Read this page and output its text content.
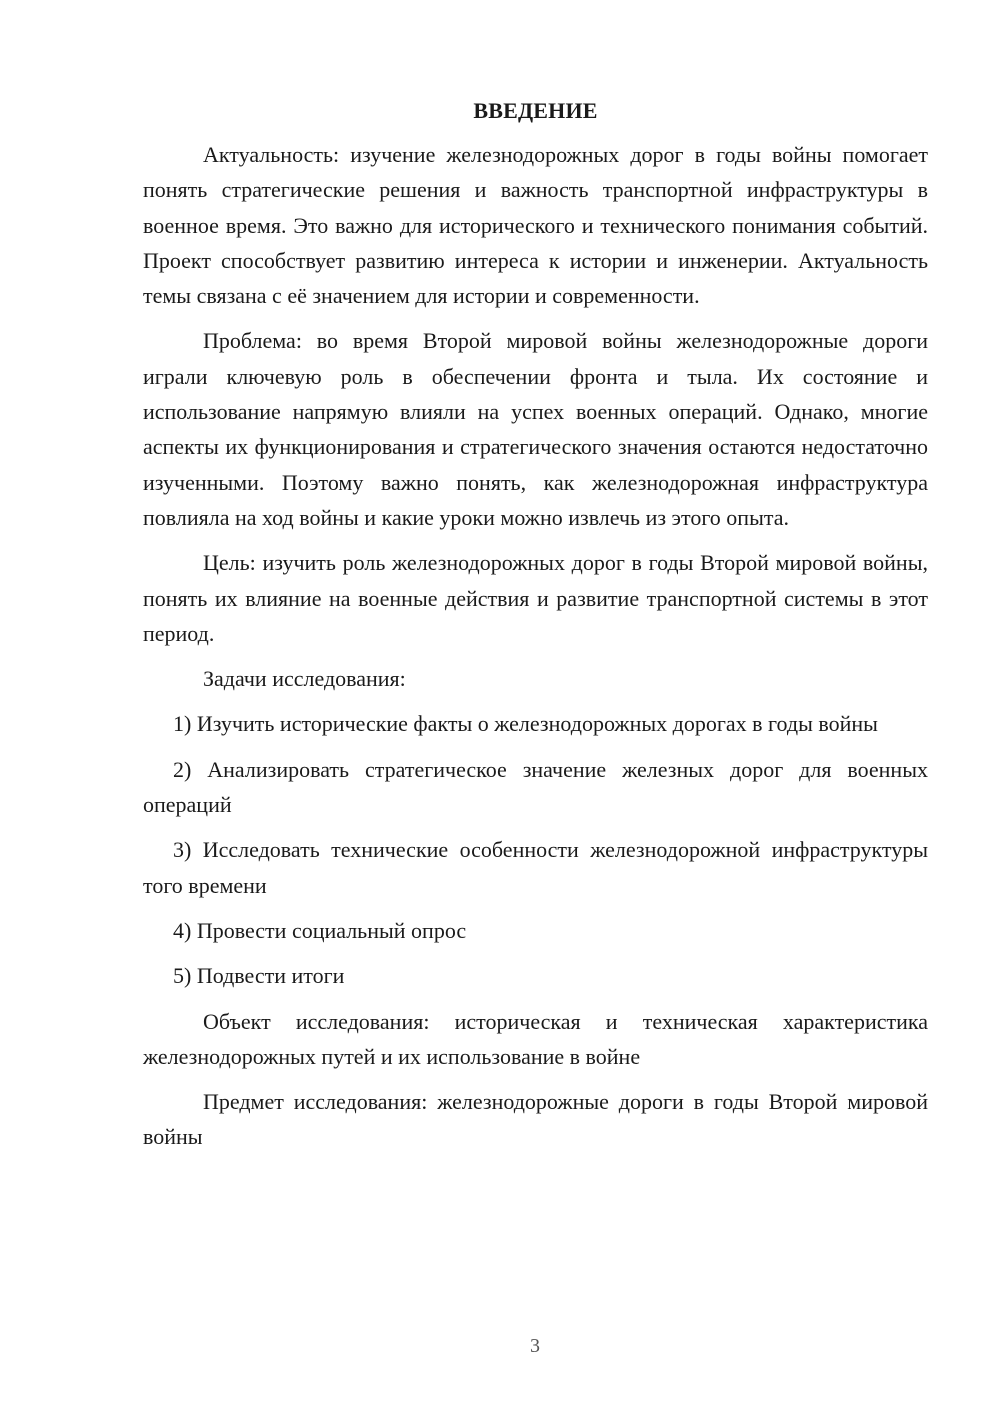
ВВЕДЕНИЕ

Актуальность: изучение железнодорожных дорог в годы войны помогает понять стратегические решения и важность транспортной инфраструктуры в военное время. Это важно для исторического и технического понимания событий. Проект способствует развитию интереса к истории и инженерии. Актуальность темы связана с её значением для истории и современности.

Проблема: во время Второй мировой войны железнодорожные дороги играли ключевую роль в обеспечении фронта и тыла. Их состояние и использование напрямую влияли на успех военных операций. Однако, многие аспекты их функционирования и стратегического значения остаются недостаточно изученными. Поэтому важно понять, как железнодорожная инфраструктура повлияла на ход войны и какие уроки можно извлечь из этого опыта.

Цель: изучить роль железнодорожных дорог в годы Второй мировой войны, понять их влияние на военные действия и развитие транспортной системы в этот период.

Задачи исследования:

1) Изучить исторические факты о железнодорожных дорогах в годы войны

2) Анализировать стратегическое значение железных дорог для военных операций

3) Исследовать технические особенности железнодорожной инфраструктуры того времени

4) Провести социальный опрос

5) Подвести итоги

Объект исследования: историческая и техническая характеристика железнодорожных путей и их использование в войне

Предмет исследования: железнодорожные дороги в годы Второй мировой войны

3
